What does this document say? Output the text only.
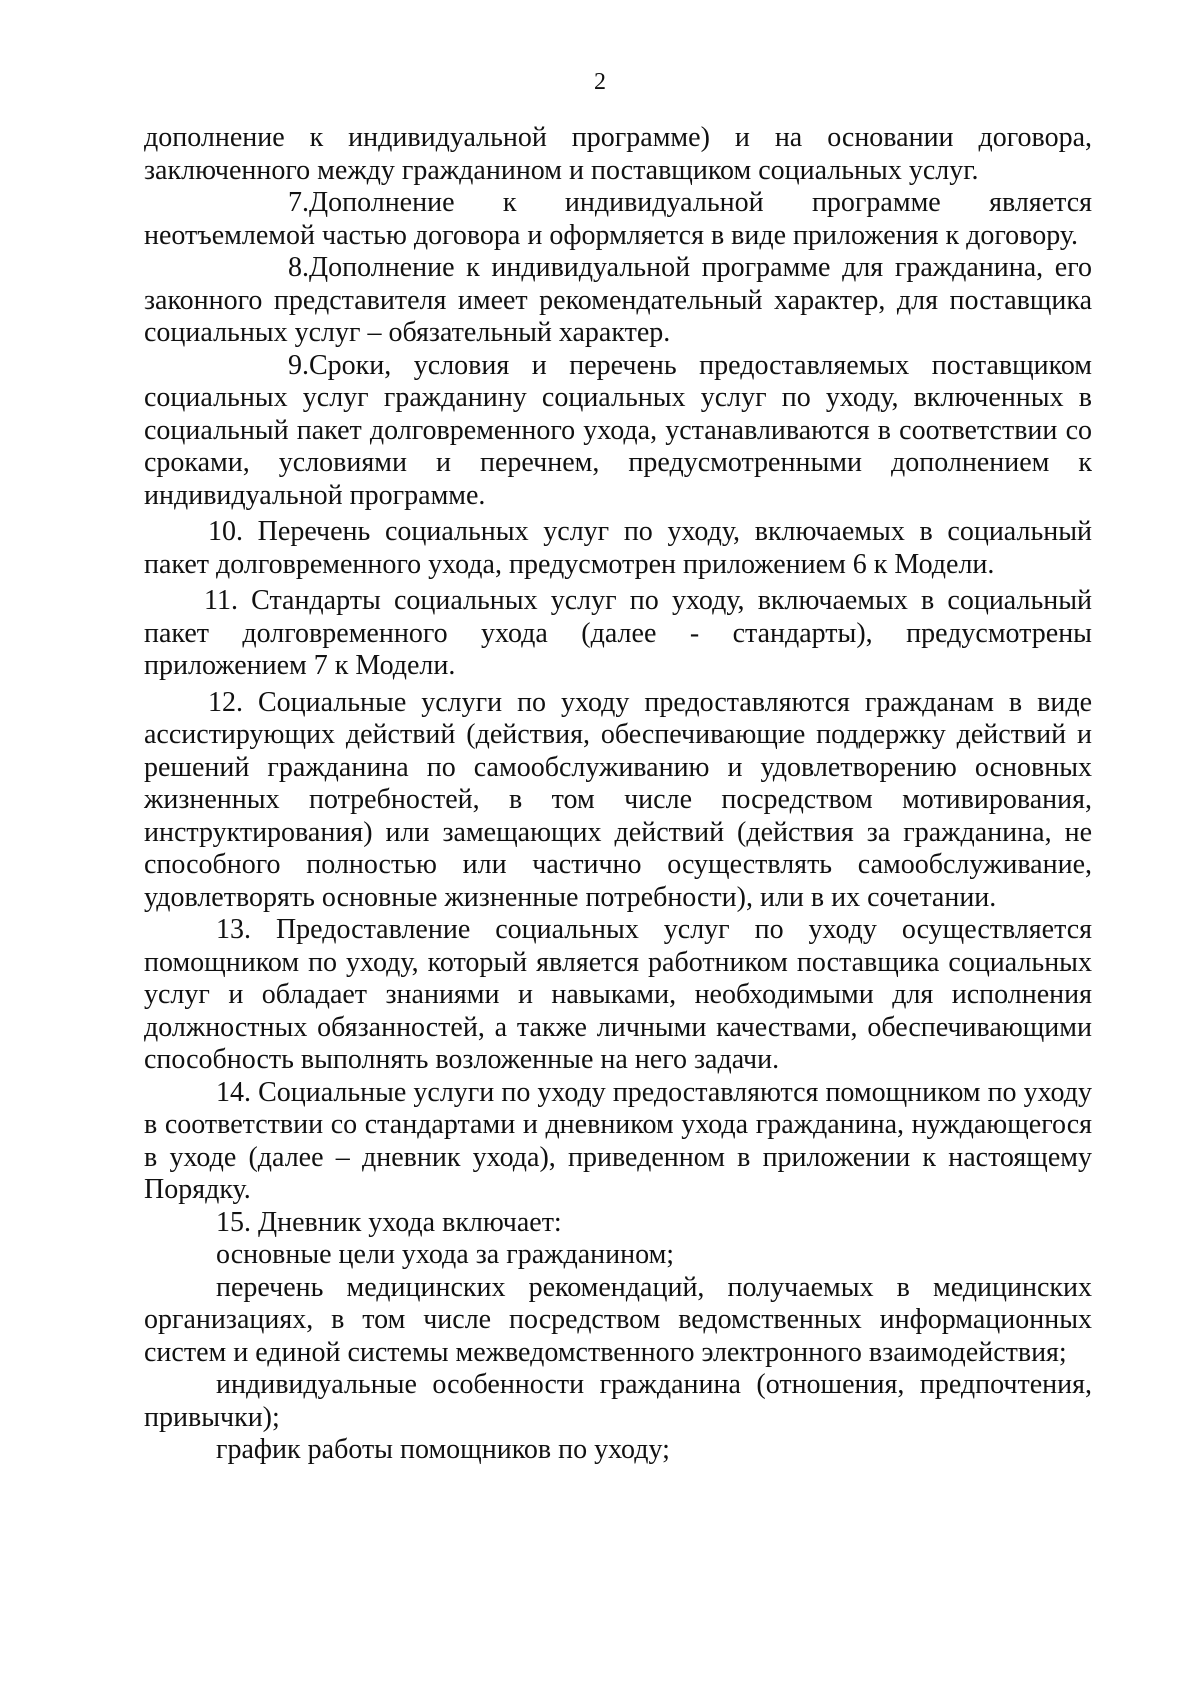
2

дополнение к индивидуальной программе) и на основании договора, заключенного между гражданином и поставщиком социальных услуг.

7.Дополнение к индивидуальной программе является неотъемлемой частью договора и оформляется в виде приложения к договору.

8.Дополнение к индивидуальной программе для гражданина, его законного представителя имеет рекомендательный характер, для поставщика социальных услуг – обязательный характер.

9.Сроки, условия и перечень предоставляемых поставщиком социальных услуг гражданину социальных услуг по уходу, включенных в социальный пакет долговременного ухода, устанавливаются в соответствии со сроками, условиями и перечнем, предусмотренными дополнением к индивидуальной программе.

10. Перечень социальных услуг по уходу, включаемых в социальный пакет долговременного ухода, предусмотрен приложением 6 к Модели.

11. Стандарты социальных услуг по уходу, включаемых в социальный пакет долговременного ухода (далее - стандарты), предусмотрены приложением 7 к Модели.

12. Социальные услуги по уходу предоставляются гражданам в виде ассистирующих действий (действия, обеспечивающие поддержку действий и решений гражданина по самообслуживанию и удовлетворению основных жизненных потребностей, в том числе посредством мотивирования, инструктирования) или замещающих действий (действия за гражданина, не способного полностью или частично осуществлять самообслуживание, удовлетворять основные жизненные потребности), или в их сочетании.

13. Предоставление социальных услуг по уходу осуществляется помощником по уходу, который является работником поставщика социальных услуг и обладает знаниями и навыками, необходимыми для исполнения должностных обязанностей, а также личными качествами, обеспечивающими способность выполнять возложенные на него задачи.

14. Социальные услуги по уходу предоставляются помощником по уходу в соответствии со стандартами и дневником ухода гражданина, нуждающегося в уходе (далее – дневник ухода), приведенном в приложении к настоящему Порядку.

15. Дневник ухода включает:

основные цели ухода за гражданином;

перечень медицинских рекомендаций, получаемых в медицинских организациях, в том числе посредством ведомственных информационных систем и единой системы межведомственного электронного взаимодействия;

индивидуальные особенности гражданина (отношения, предпочтения, привычки);

график работы помощников по уходу;
